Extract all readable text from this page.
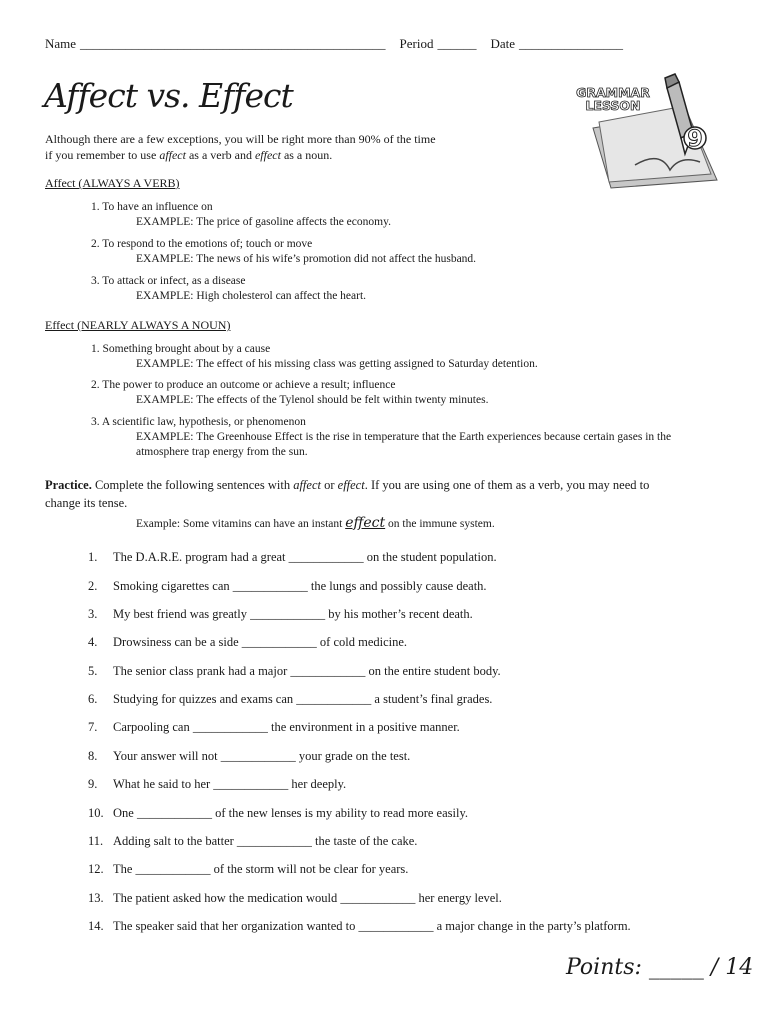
Name _______________________________________________ Period ______ Date ________________
Affect vs. Effect
9
GRAMMAR
LESSON
Although there are a few exceptions, you will be right more than 90% of the time
if you remember to use affect as a verb and effect as a noun.
Affect (ALWAYS A VERB)
1. To have an influence on
EXAMPLE: The price of gasoline affects the economy.
2. To respond to the emotions of; touch or move
EXAMPLE: The news of his wife’s promotion did not affect the husband.
3. To attack or infect, as a disease
EXAMPLE: High cholesterol can affect the heart.
Effect (NEARLY ALWAYS A NOUN)
1. Something brought about by a cause
EXAMPLE: The effect of his missing class was getting assigned to Saturday detention.
2. The power to produce an outcome or achieve a result; influence
EXAMPLE: The effects of the Tylenol should be felt within twenty minutes.
3. A scientific law, hypothesis, or phenomenon
EXAMPLE: The Greenhouse Effect is the rise in temperature that the Earth experiences because certain gases in the
atmosphere trap energy from the sun.
Practice. Complete the following sentences with affect or effect. If you are using one of them as a verb, you may need to
change its tense.
Example: Some vitamins can have an instant effect on the immune system.
1. The D.A.R.E. program had a great ____________ on the student population.
2. Smoking cigarettes can ____________ the lungs and possibly cause death.
3. My best friend was greatly ____________ by his mother’s recent death.
4. Drowsiness can be a side ____________ of cold medicine.
5. The senior class prank had a major ____________ on the entire student body.
6. Studying for quizzes and exams can ____________ a student’s final grades.
7. Carpooling can ____________ the environment in a positive manner.
8. Your answer will not ____________ your grade on the test.
9. What he said to her ____________ her deeply.
10. One ____________ of the new lenses is my ability to read more easily.
11. Adding salt to the batter ____________ the taste of the cake.
12. The ____________ of the storm will not be clear for years.
13. The patient asked how the medication would ____________ her energy level.
14. The speaker said that her organization wanted to ____________ a major change in the party’s platform.
Points: _____ / 14
